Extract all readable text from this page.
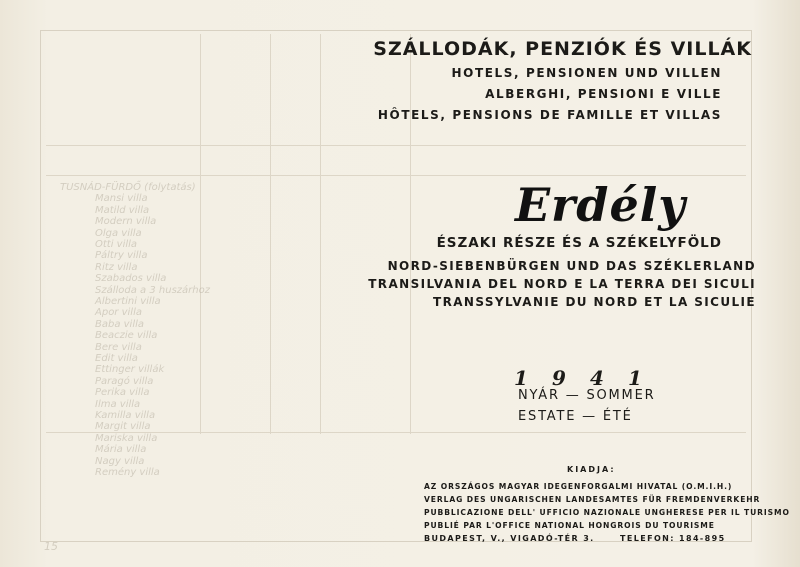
TUSNÁD-FÜRDŐ (folytatás)
Mansi villa
Matild villa
Modern villa
Olga villa
Otti villa
Páltry villa
Ritz villa
Szabados villa
Szálloda a 3 huszárhoz
Albertini villa
Apor villa
Baba villa
Beaczie villa
Bere villa
Edit villa
Ettinger villák
Paragó villa
Perika villa
Ilma villa
Kamilla villa
Margit villa
Mariska villa
Mária villa
Nagy villa
Remény villa
15
SZÁLLODÁK, PENZIÓK ÉS VILLÁK
HOTELS, PENSIONEN UND VILLEN
ALBERGHI, PENSIONI E VILLE
HÔTELS, PENSIONS DE FAMILLE ET VILLAS
Erdély
ÉSZAKI RÉSZE ÉS A SZÉKELYFÖLD
NORD-SIEBENBÜRGEN UND DAS SZÉKLERLAND
TRANSILVANIA DEL NORD E LA TERRA DEI SICULI
TRANSSYLVANIE DU NORD ET LA SICULIE
1 9 4 1
NYÁR — SOMMER
ESTATE — ÉTÉ
KIADJA:
AZ ORSZÁGOS MAGYAR IDEGENFORGALMI HIVATAL (O.M.I.H.)
VERLAG DES UNGARISCHEN LANDESAMTES FÜR FREMDENVERKEHR
PUBBLICAZIONE DELL' UFFICIO NAZIONALE UNGHERESE PER IL TURISMO
PUBLIÉ PAR L'OFFICE NATIONAL HONGROIS DU TOURISME
BUDAPEST, V., VIGADÓ-TÉR 3.	TELEFON: 184-895
